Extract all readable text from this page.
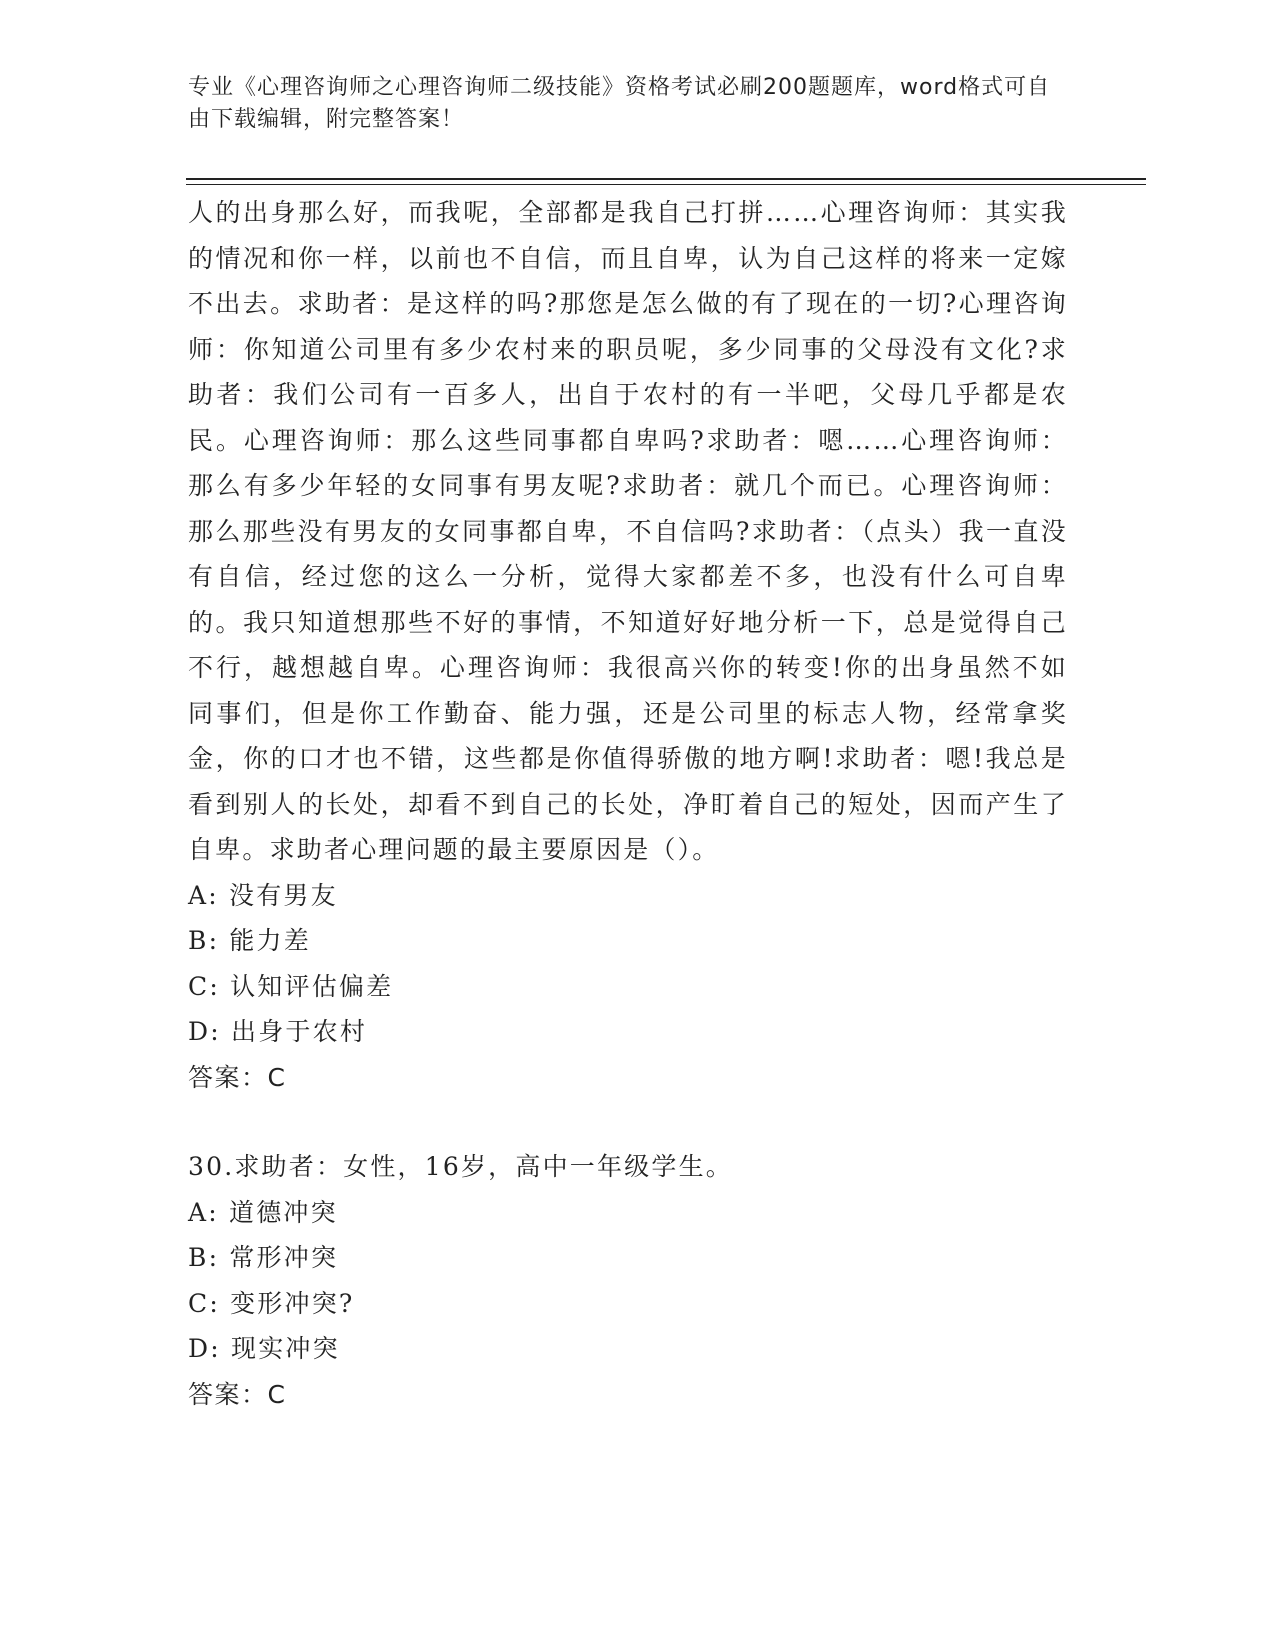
专业《心理咨询师之心理咨询师二级技能》资格考试必刷200题题库，word格式可自由下载编辑，附完整答案！

人的出身那么好，而我呢，全部都是我自己打拼……心理咨询师：其实我的情况和你一样，以前也不自信，而且自卑，认为自己这样的将来一定嫁不出去。求助者：是这样的吗?那您是怎么做的有了现在的一切?心理咨询师：你知道公司里有多少农村来的职员呢，多少同事的父母没有文化?求助者：我们公司有一百多人，出自于农村的有一半吧，父母几乎都是农民。心理咨询师：那么这些同事都自卑吗?求助者：嗯……心理咨询师：那么有多少年轻的女同事有男友呢?求助者：就几个而已。心理咨询师：那么那些没有男友的女同事都自卑，不自信吗?求助者：（点头）我一直没有自信，经过您的这么一分析，觉得大家都差不多，也没有什么可自卑的。我只知道想那些不好的事情，不知道好好地分析一下，总是觉得自己不行，越想越自卑。心理咨询师：我很高兴你的转变!你的出身虽然不如同事们，但是你工作勤奋、能力强，还是公司里的标志人物，经常拿奖金，你的口才也不错，这些都是你值得骄傲的地方啊!求助者：嗯!我总是看到别人的长处，却看不到自己的长处，净盯着自己的短处，因而产生了自卑。求助者心理问题的最主要原因是（）。

A: 没有男友

B: 能力差

C: 认知评估偏差

D: 出身于农村

答案：C

30.求助者：女性，16岁，高中一年级学生。

A: 道德冲突

B: 常形冲突

C: 变形冲突?

D: 现实冲突

答案：C
